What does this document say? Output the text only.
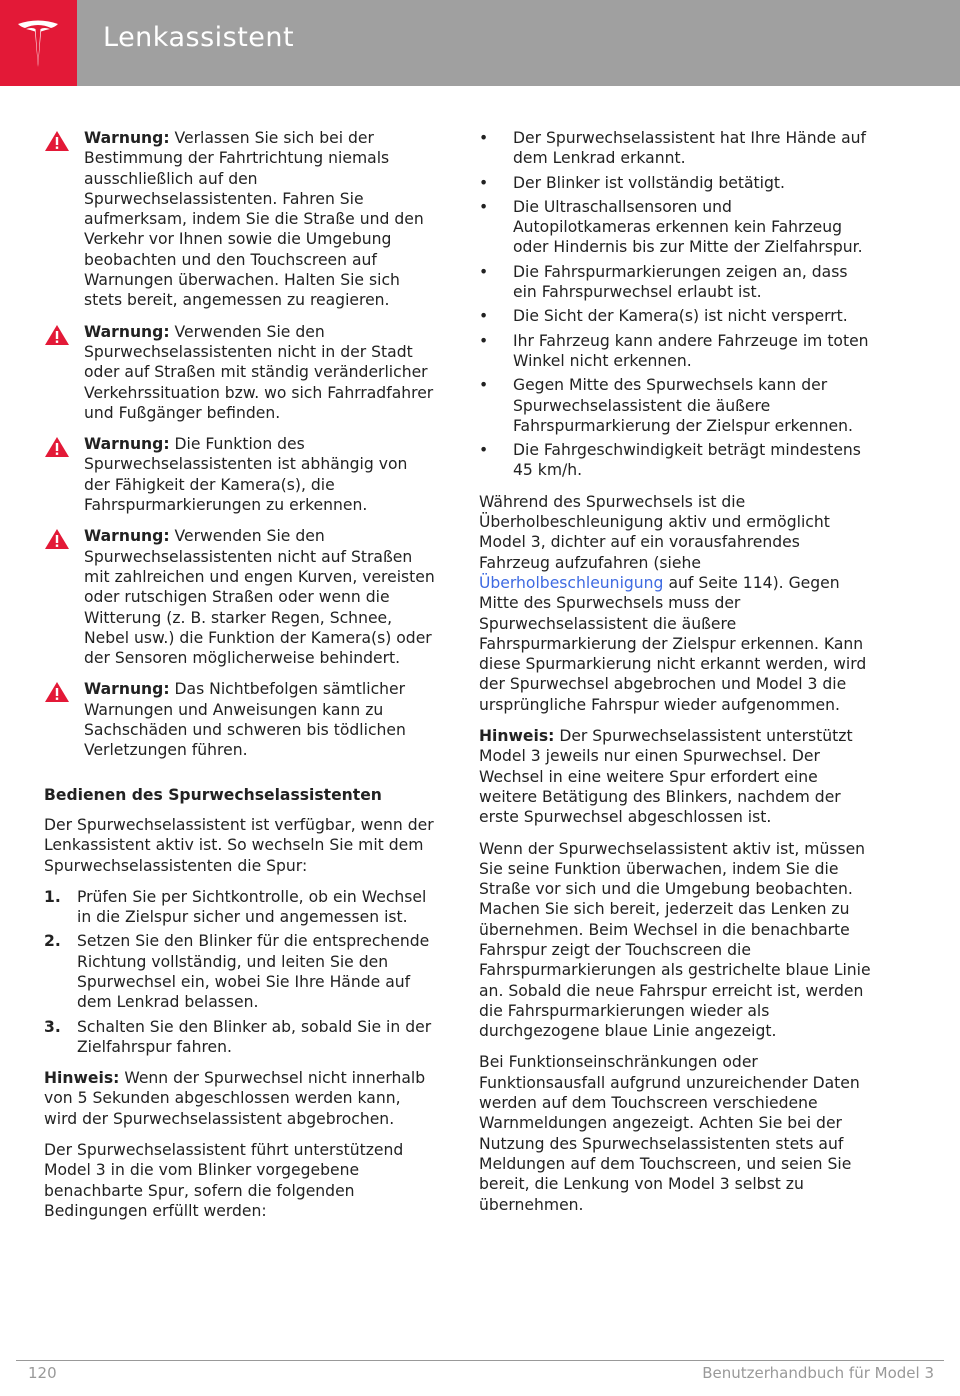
Lenkassistent
Warnung: Verlassen Sie sich bei der Bestimmung der Fahrtrichtung niemals ausschließlich auf den Spurwechselassistenten. Fahren Sie aufmerksam, indem Sie die Straße und den Verkehr vor Ihnen sowie die Umgebung beobachten und den Touchscreen auf Warnungen überwachen. Halten Sie sich stets bereit, angemessen zu reagieren.
Warnung: Verwenden Sie den Spurwechselassistenten nicht in der Stadt oder auf Straßen mit ständig veränderlicher Verkehrssituation bzw. wo sich Fahrradfahrer und Fußgänger befinden.
Warnung: Die Funktion des Spurwechselassistenten ist abhängig von der Fähigkeit der Kamera(s), die Fahrspurmarkierungen zu erkennen.
Warnung: Verwenden Sie den Spurwechselassistenten nicht auf Straßen mit zahlreichen und engen Kurven, vereisten oder rutschigen Straßen oder wenn die Witterung (z. B. starker Regen, Schnee, Nebel usw.) die Funktion der Kamera(s) oder der Sensoren möglicherweise behindert.
Warnung: Das Nichtbefolgen sämtlicher Warnungen und Anweisungen kann zu Sachschäden und schweren bis tödlichen Verletzungen führen.
Bedienen des Spurwechselassistenten

Der Spurwechselassistent ist verfügbar, wenn der Lenkassistent aktiv ist. So wechseln Sie mit dem Spurwechselassistenten die Spur:

1. Prüfen Sie per Sichtkontrolle, ob ein Wechsel in die Zielspur sicher und angemessen ist.
2. Setzen Sie den Blinker für die entsprechende Richtung vollständig, und leiten Sie den Spurwechsel ein, wobei Sie Ihre Hände auf dem Lenkrad belassen.
3. Schalten Sie den Blinker ab, sobald Sie in der Zielfahrspur fahren.

Hinweis: Wenn der Spurwechsel nicht innerhalb von 5 Sekunden abgeschlossen werden kann, wird der Spurwechselassistent abgebrochen.

Der Spurwechselassistent führt unterstützend Model 3 in die vom Blinker vorgegebene benachbarte Spur, sofern die folgenden Bedingungen erfüllt werden:

• Der Spurwechselassistent hat Ihre Hände auf dem Lenkrad erkannt.
• Der Blinker ist vollständig betätigt.
• Die Ultraschallsensoren und Autopilotkameras erkennen kein Fahrzeug oder Hindernis bis zur Mitte der Zielfahrspur.
• Die Fahrspurmarkierungen zeigen an, dass ein Fahrspurwechsel erlaubt ist.
• Die Sicht der Kamera(s) ist nicht versperrt.
• Ihr Fahrzeug kann andere Fahrzeuge im toten Winkel nicht erkennen.
• Gegen Mitte des Spurwechsels kann der Spurwechselassistent die äußere Fahrspurmarkierung der Zielspur erkennen.
• Die Fahrgeschwindigkeit beträgt mindestens 45 km/h.

Während des Spurwechsels ist die Überholbeschleunigung aktiv und ermöglicht Model 3, dichter auf ein vorausfahrendes Fahrzeug aufzufahren (siehe Überholbeschleunigung auf Seite 114). Gegen Mitte des Spurwechsels muss der Spurwechselassistent die äußere Fahrspurmarkierung der Zielspur erkennen. Kann diese Spurmarkierung nicht erkannt werden, wird der Spurwechsel abgebrochen und Model 3 die ursprüngliche Fahrspur wieder aufgenommen.

Hinweis: Der Spurwechselassistent unterstützt Model 3 jeweils nur einen Spurwechsel. Der Wechsel in eine weitere Spur erfordert eine weitere Betätigung des Blinkers, nachdem der erste Spurwechsel abgeschlossen ist.

Wenn der Spurwechselassistent aktiv ist, müssen Sie seine Funktion überwachen, indem Sie die Straße vor sich und die Umgebung beobachten. Machen Sie sich bereit, jederzeit das Lenken zu übernehmen. Beim Wechsel in die benachbarte Fahrspur zeigt der Touchscreen die Fahrspurmarkierungen als gestrichelte blaue Linie an. Sobald die neue Fahrspur erreicht ist, werden die Fahrspurmarkierungen wieder als durchgezogene blaue Linie angezeigt.

Bei Funktionseinschränkungen oder Funktionsausfall aufgrund unzureichender Daten werden auf dem Touchscreen verschiedene Warnmeldungen angezeigt. Achten Sie bei der Nutzung des Spurwechselassistenten stets auf Meldungen auf dem Touchscreen, und seien Sie bereit, die Lenkung von Model 3 selbst zu übernehmen.

120	Benutzerhandbuch für Model 3
